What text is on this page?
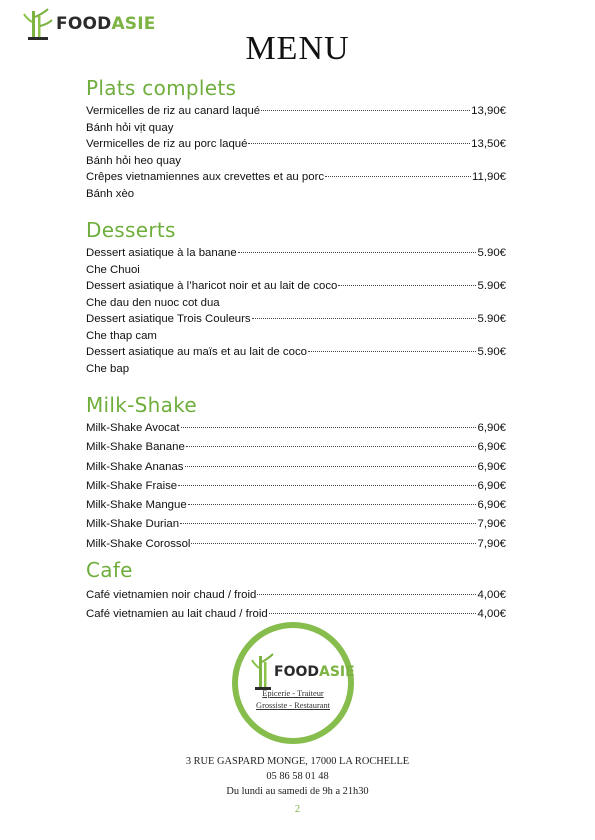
FOODASIE
MENU
Plats complets
Vermicelles de riz au canard laqué	13,90€
Bánh hỏi vịt quay
Vermicelles de riz au porc laqué	13,50€
Bánh hỏi heo quay
Crêpes vietnamiennes aux crevettes et au porc	11,90€
Bánh xèo
Desserts
Dessert asiatique à la banane	5.90€
Che Chuoi
Dessert asiatique à l’haricot noir et au lait de coco	5.90€
Che dau den nuoc cot dua
Dessert asiatique Trois Couleurs	5.90€
Che thap cam
Dessert asiatique au maïs et au lait de coco	5.90€
Che bap
Milk-Shake
Milk-Shake Avocat	6,90€
Milk-Shake Banane	6,90€
Milk-Shake Ananas	6,90€
Milk-Shake Fraise	6,90€
Milk-Shake Mangue	6,90€
Milk-Shake Durian	7,90€
Milk-Shake Corossol	7,90€
Cafe
Café vietnamien noir chaud / froid	4,00€
Café vietnamien au lait chaud / froid	4,00€
FOODASIE
Épicerie - Traiteur
Grossiste - Restaurant
3 RUE GASPARD MONGE, 17000 LA ROCHELLE
05 86 58 01 48
Du lundi au samedi de 9h a 21h30
2
